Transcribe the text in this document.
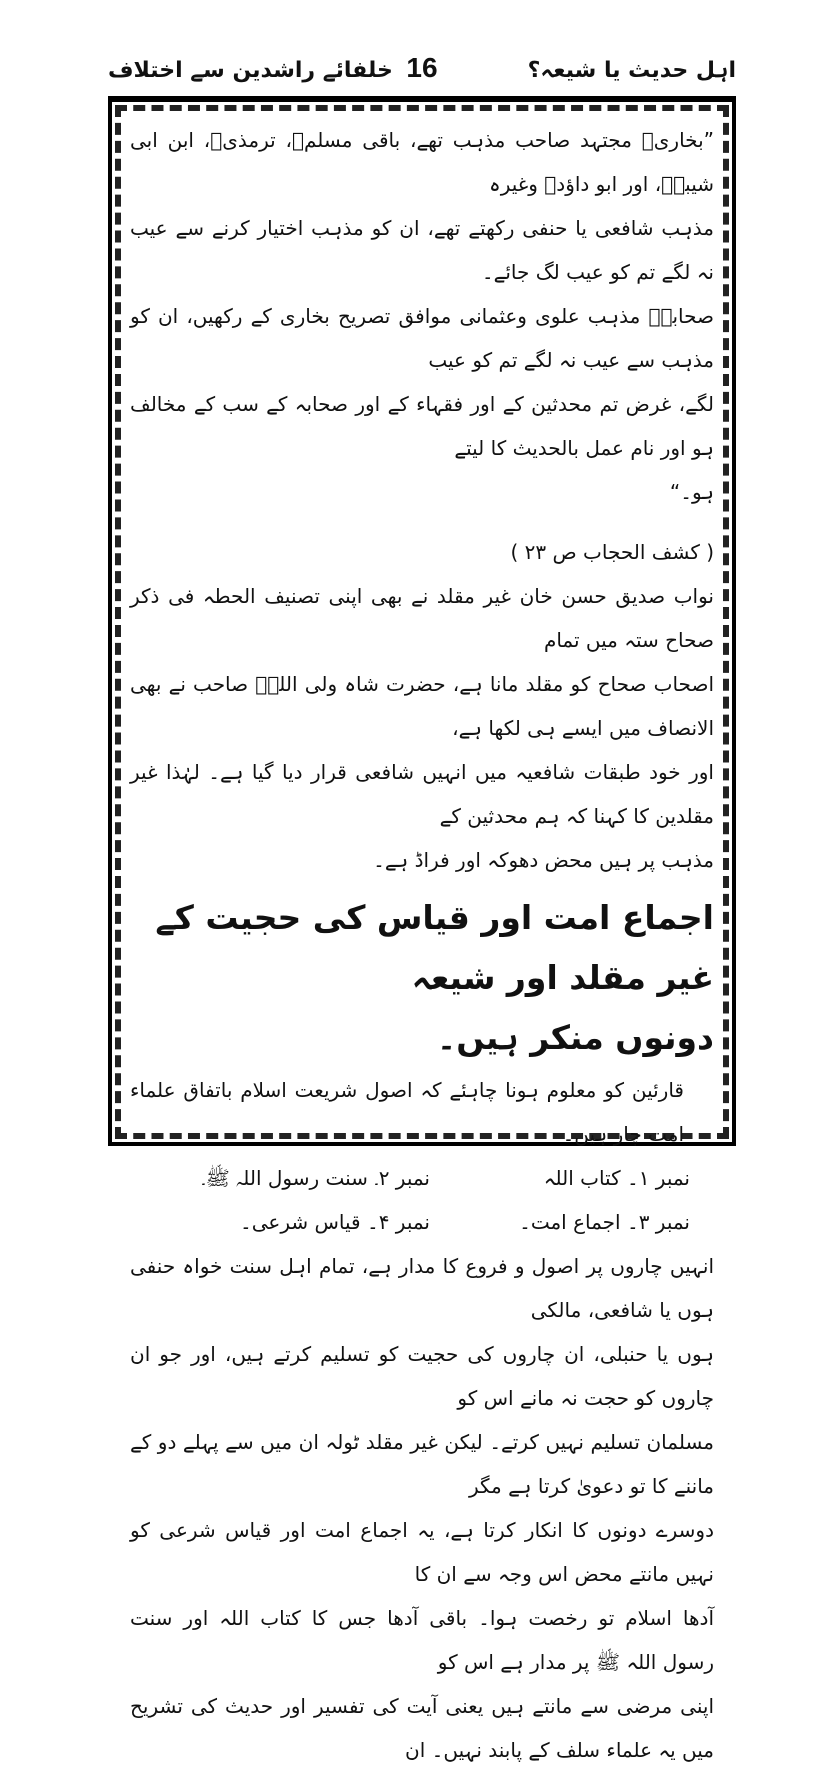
خلفائے راشدین سے اختلاف 16	اہل حدیث یا شیعہ؟

”بخاریؒ مجتہد صاحب مذہب تھے، باقی مسلمؒ، ترمذیؒ، ابن ابی شیبہؒ، اور ابو داؤدؒ وغیرہ

مذہب شافعی یا حنفی رکھتے تھے، ان کو مذہب اختیار کرنے سے عیب نہ لگے تم کو عیب لگ جائے۔

صحابہؓ مذہب علوی وعثمانی موافق تصریح بخاری کے رکھیں، ان کو مذہب سے عیب نہ لگے تم کو عیب

لگے، غرض تم محدثین کے اور فقہاء کے اور صحابہ کے سب کے مخالف ہو اور نام عمل بالحدیث کا لیتے

ہو۔“

( کشف الحجاب ص ۲۳ )

نواب صدیق حسن خان غیر مقلد نے بھی اپنی تصنیف الحطہ فی ذکر صحاح ستہ میں تمام

اصحاب صحاح کو مقلد مانا ہے، حضرت شاہ ولی اللہؒ صاحب نے بھی الانصاف میں ایسے ہی لکھا ہے،

اور خود طبقات شافعیہ میں انہیں شافعی قرار دیا گیا ہے۔ لہٰذا غیر مقلدین کا کہنا کہ ہم محدثین کے

مذہب پر ہیں محض دھوکہ اور فراڈ ہے۔

اجماع امت اور قیاس کی حجیت کے غیر مقلد اور شیعہ

دونوں منکر ہیں۔

قارئین کو معلوم ہونا چاہئے کہ اصول شریعت اسلام باتفاق علماء امت چار ہیں۔

نمبر ۱۔ کتاب اللہ
نمبر ۲۔ سنت رسول اللہ ﷺ۔
نمبر ۳۔ اجماع امت۔
نمبر ۴۔ قیاس شرعی۔

انہیں چاروں پر اصول و فروع کا مدار ہے، تمام اہل سنت خواہ حنفی ہوں یا شافعی، مالکی

ہوں یا حنبلی، ان چاروں کی حجیت کو تسلیم کرتے ہیں، اور جو ان چاروں کو حجت نہ مانے اس کو

مسلمان تسلیم نہیں کرتے۔ لیکن غیر مقلد ٹولہ ان میں سے پہلے دو کے ماننے کا تو دعویٰ کرتا ہے مگر

دوسرے دونوں کا انکار کرتا ہے، یہ اجماع امت اور قیاس شرعی کو نہیں مانتے محض اس وجہ سے ان کا

آدھا اسلام تو رخصت ہوا۔ باقی آدھا جس کا کتاب اللہ اور سنت رسول اللہ ﷺ پر مدار ہے اس کو

اپنی مرضی سے مانتے ہیں یعنی آیت کی تفسیر اور حدیث کی تشریح میں یہ علماء سلف کے پابند نہیں۔ ان
